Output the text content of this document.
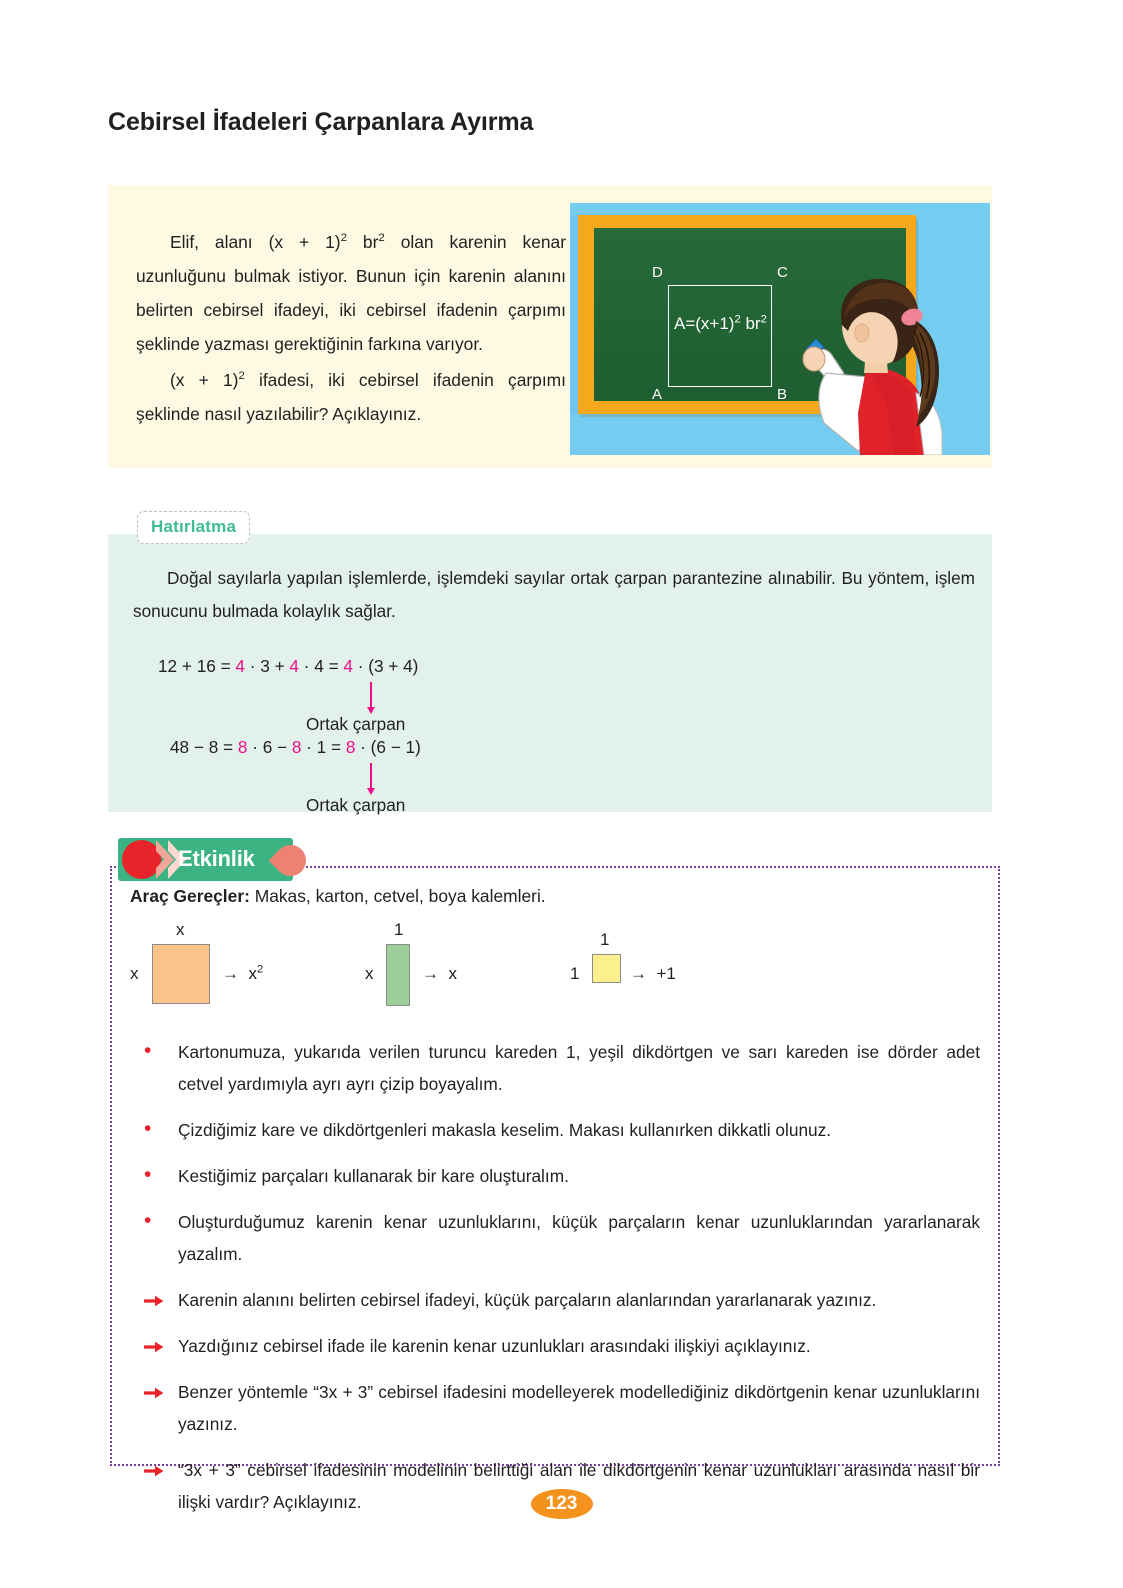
Cebirsel İfadeleri Çarpanlara Ayırma

Elif, alanı $(x + 1)^2$ $br^2$ olan karenin kenar uzunluğunu bulmak istiyor. Bunun için karenin alanını belirten cebirsel ifadeyi, iki cebirsel ifadenin çarpımı şeklinde yazması gerektiğinin farkına varıyor.

$(x + 1)^2$ ifadesi, iki cebirsel ifadenin çarpımı şeklinde nasıl yazılabilir? Açıklayınız.

D	C
A	B
$A=(x+1)^2$ $br^2$

Doğal sayılarla yapılan işlemlerde, işlemdeki sayılar ortak çarpan parantezine alınabilir. Bu yöntem, işlem sonucunu bulmada kolaylık sağlar.

12 + 16 = 4 · 3 + 4 · 4 = 4 · (3 + 4)
Ortak çarpan
48 − 8 = 8 · 6 − 8 · 1 = 8 · (6 − 1)
Ortak çarpan
Hatırlatma
Araç Gereçler: Makas, karton, cetvel, boya kalemleri.
x
x	→  $x^2$
1
x	→  x
1
1	→  +1
•	Kartonumuza, yukarıda verilen turuncu kareden 1, yeşil dikdörtgen ve sarı kareden ise dörder adet cetvel yardımıyla ayrı ayrı çizip boyayalım.
•	Çizdiğimiz kare ve dikdörtgenleri makasla keselim. Makası kullanırken dikkatli olunuz.
•	Kestiğimiz parçaları kullanarak bir kare oluşturalım.
•	Oluşturduğumuz karenin kenar uzunluklarını, küçük parçaların kenar uzunluklarından yararlanarak yazalım.
Karenin alanını belirten cebirsel ifadeyi, küçük parçaların alanlarından yararlanarak yazınız.
Yazdığınız cebirsel ifade ile karenin kenar uzunlukları arasındaki ilişkiyi açıklayınız.
Benzer yöntemle “3x + 3” cebirsel ifadesini modelleyerek modellediğiniz dikdörtgenin kenar uzunluklarını yazınız.
“3x + 3” cebirsel ifadesinin modelinin belirttiği alan ile dikdörtgenin kenar uzunlukları arasında nasıl bir ilişki vardır? Açıklayınız.
Etkinlik
123
